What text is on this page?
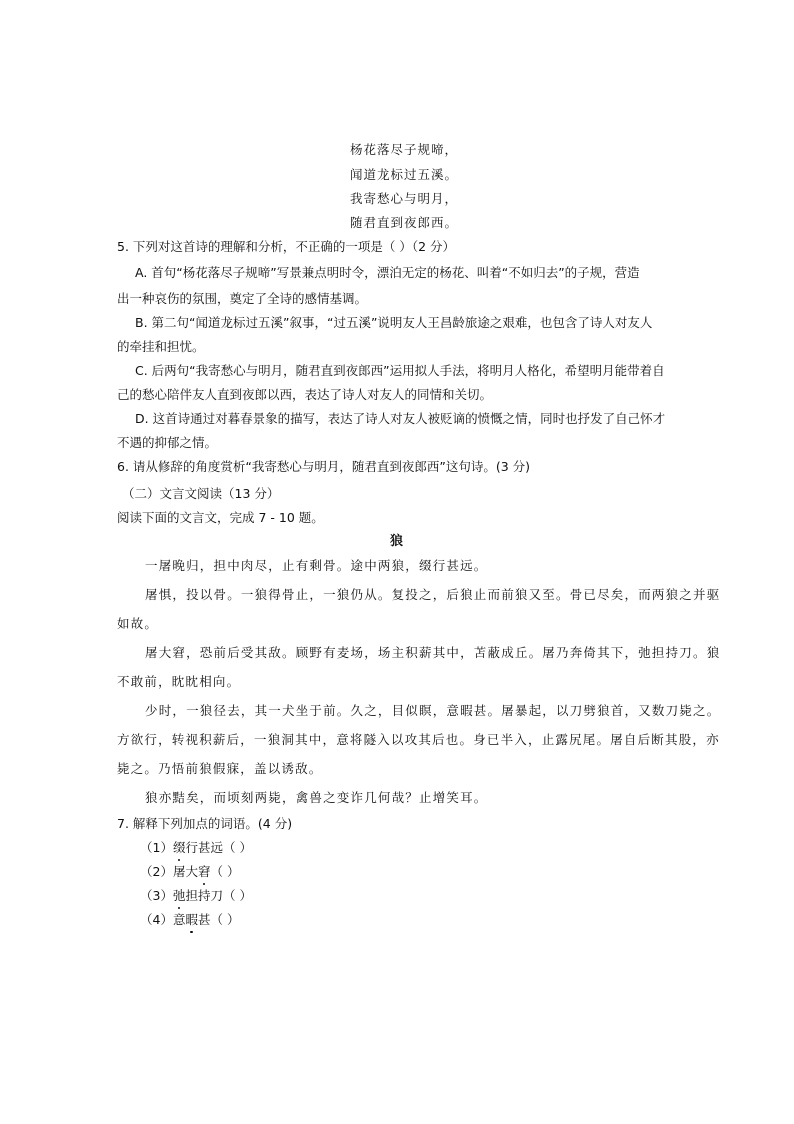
杨花落尽子规啼，
闻道龙标过五溪。
我寄愁心与明月，
随君直到夜郎西。
5. 下列对这首诗的理解和分析，不正确的一项是（ ）（2 分）
A. 首句“杨花落尽子规啼”写景兼点明时令，漂泊无定的杨花、叫着“不如归去”的子规，营造
出一种哀伤的氛围，奠定了全诗的感情基调。
B. 第二句“闻道龙标过五溪”叙事，“过五溪”说明友人王昌龄旅途之艰难，也包含了诗人对友人
的牵挂和担忧。
C. 后两句“我寄愁心与明月，随君直到夜郎西”运用拟人手法，将明月人格化，希望明月能带着自
己的愁心陪伴友人直到夜郎以西，表达了诗人对友人的同情和关切。
D. 这首诗通过对暮春景象的描写，表达了诗人对友人被贬谪的愤慨之情，同时也抒发了自己怀才
不遇的抑郁之情。
6. 请从修辞的角度赏析“我寄愁心与明月，随君直到夜郎西”这句诗。(3 分)
（二）文言文阅读（13 分）
阅读下面的文言文，完成 7 - 10 题。
狼
一屠晚归，担中肉尽，止有剩骨。途中两狼，缀行甚远。
屠惧，投以骨。一狼得骨止，一狼仍从。复投之，后狼止而前狼又至。骨已尽矣，而两狼之并驱
如故。
屠大窘，恐前后受其敌。顾野有麦场，场主积薪其中，苫蔽成丘。屠乃奔倚其下，弛担持刀。狼
不敢前，眈眈相向。
少时，一狼径去，其一犬坐于前。久之，目似瞑，意暇甚。屠暴起，以刀劈狼首，又数刀毙之。
方欲行，转视积薪后，一狼洞其中，意将隧入以攻其后也。身已半入，止露尻尾。屠自后断其股，亦
毙之。乃悟前狼假寐，盖以诱敌。
狼亦黠矣，而顷刻两毙，禽兽之变诈几何哉？止增笑耳。
7. 解释下列加点的词语。(4 分)
（1）缀行甚远（ ）
（2）屠大窘（ ）
（3）弛担持刀（ ）
（4）意暇甚（ ）
